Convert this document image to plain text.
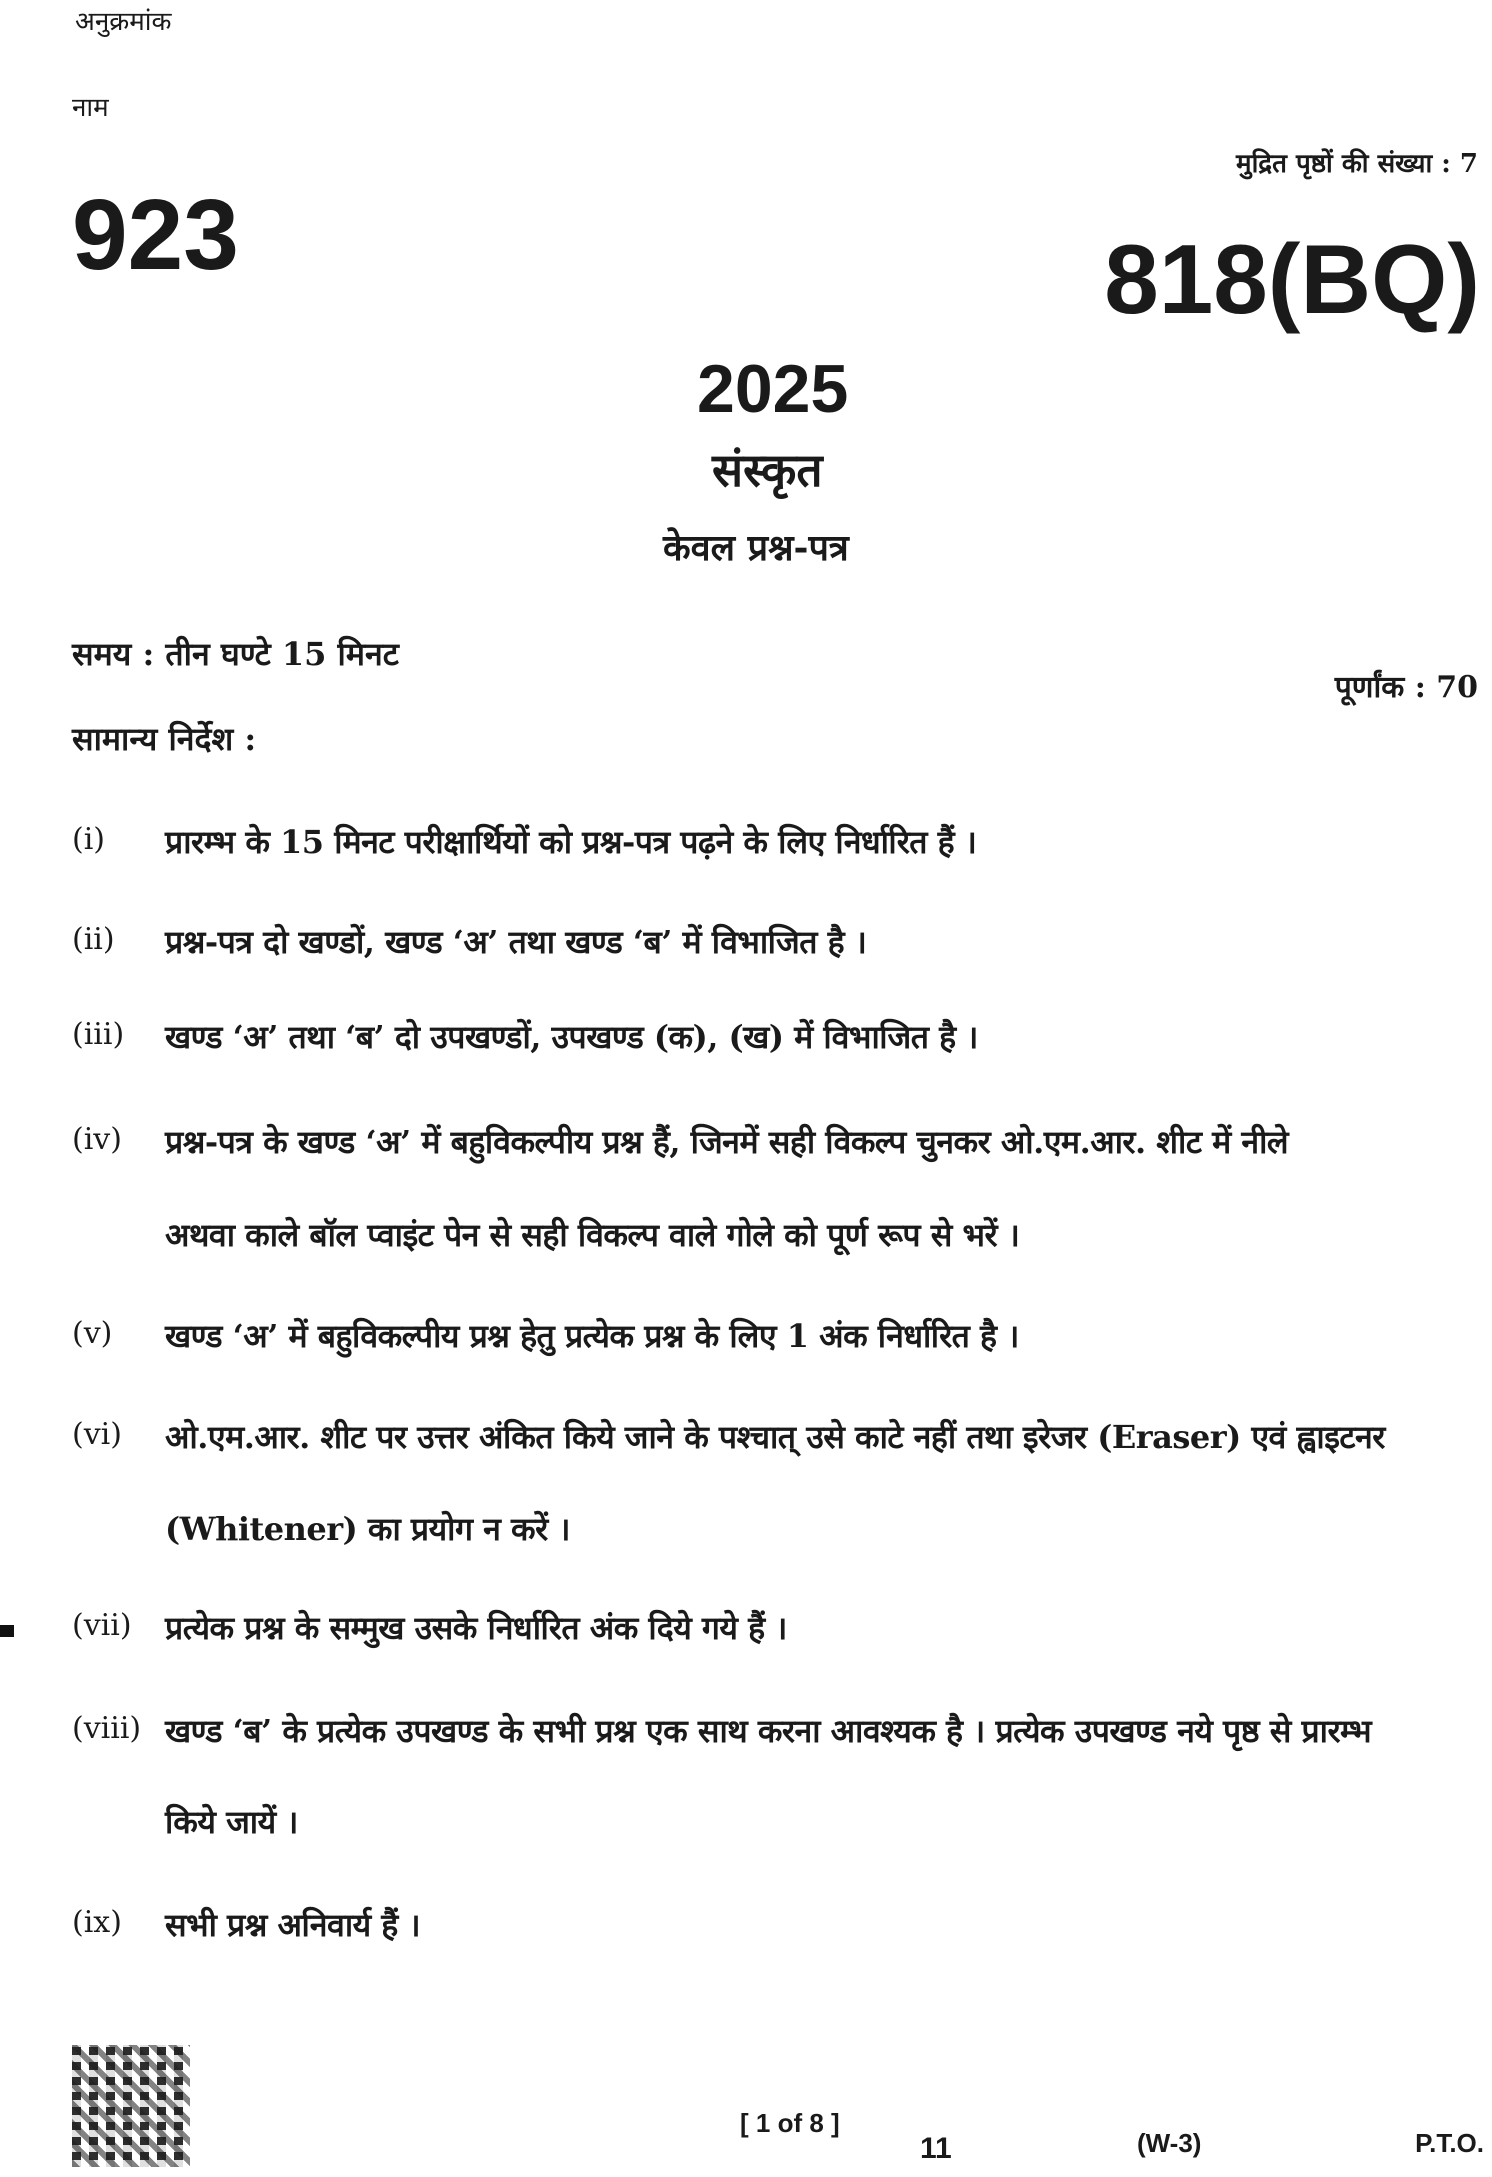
अनुक्रमांक

नाम

मुद्रित पृष्ठों की संख्या : 7

923	818(BQ)

2025

संस्कृत

केवल प्रश्न-पत्र

समय : तीन घण्टे 15 मिनट

पूर्णांक : 70

सामान्य निर्देश :

(i) प्रारम्भ के 15 मिनट परीक्षार्थियों को प्रश्न-पत्र पढ़ने के लिए निर्धारित हैं ।
(ii) प्रश्न-पत्र दो खण्डों, खण्ड ‘अ’ तथा खण्ड ‘ब’ में विभाजित है ।
(iii) खण्ड ‘अ’ तथा ‘ब’ दो उपखण्डों, उपखण्ड (क), (ख) में विभाजित है ।
(iv) प्रश्न-पत्र के खण्ड ‘अ’ में बहुविकल्पीय प्रश्न हैं, जिनमें सही विकल्प चुनकर ओ.एम.आर. शीट में नीले
अथवा काले बॉल प्वाइंट पेन से सही विकल्प वाले गोले को पूर्ण रूप से भरें ।
(v) खण्ड ‘अ’ में बहुविकल्पीय प्रश्न हेतु प्रत्येक प्रश्न के लिए 1 अंक निर्धारित है ।
(vi) ओ.एम.आर. शीट पर उत्तर अंकित किये जाने के पश्चात् उसे काटे नहीं तथा इरेजर (Eraser) एवं ह्वाइटनर
(Whitener) का प्रयोग न करें ।
(vii) प्रत्येक प्रश्न के सम्मुख उसके निर्धारित अंक दिये गये हैं ।
(viii) खण्ड ‘ब’ के प्रत्येक उपखण्ड के सभी प्रश्न एक साथ करना आवश्यक है । प्रत्येक उपखण्ड नये पृष्ठ से प्रारम्भ
किये जायें ।
(ix) सभी प्रश्न अनिवार्य हैं ।

[ 1 of 8 ]

11	(W-3)	P.T.O.
